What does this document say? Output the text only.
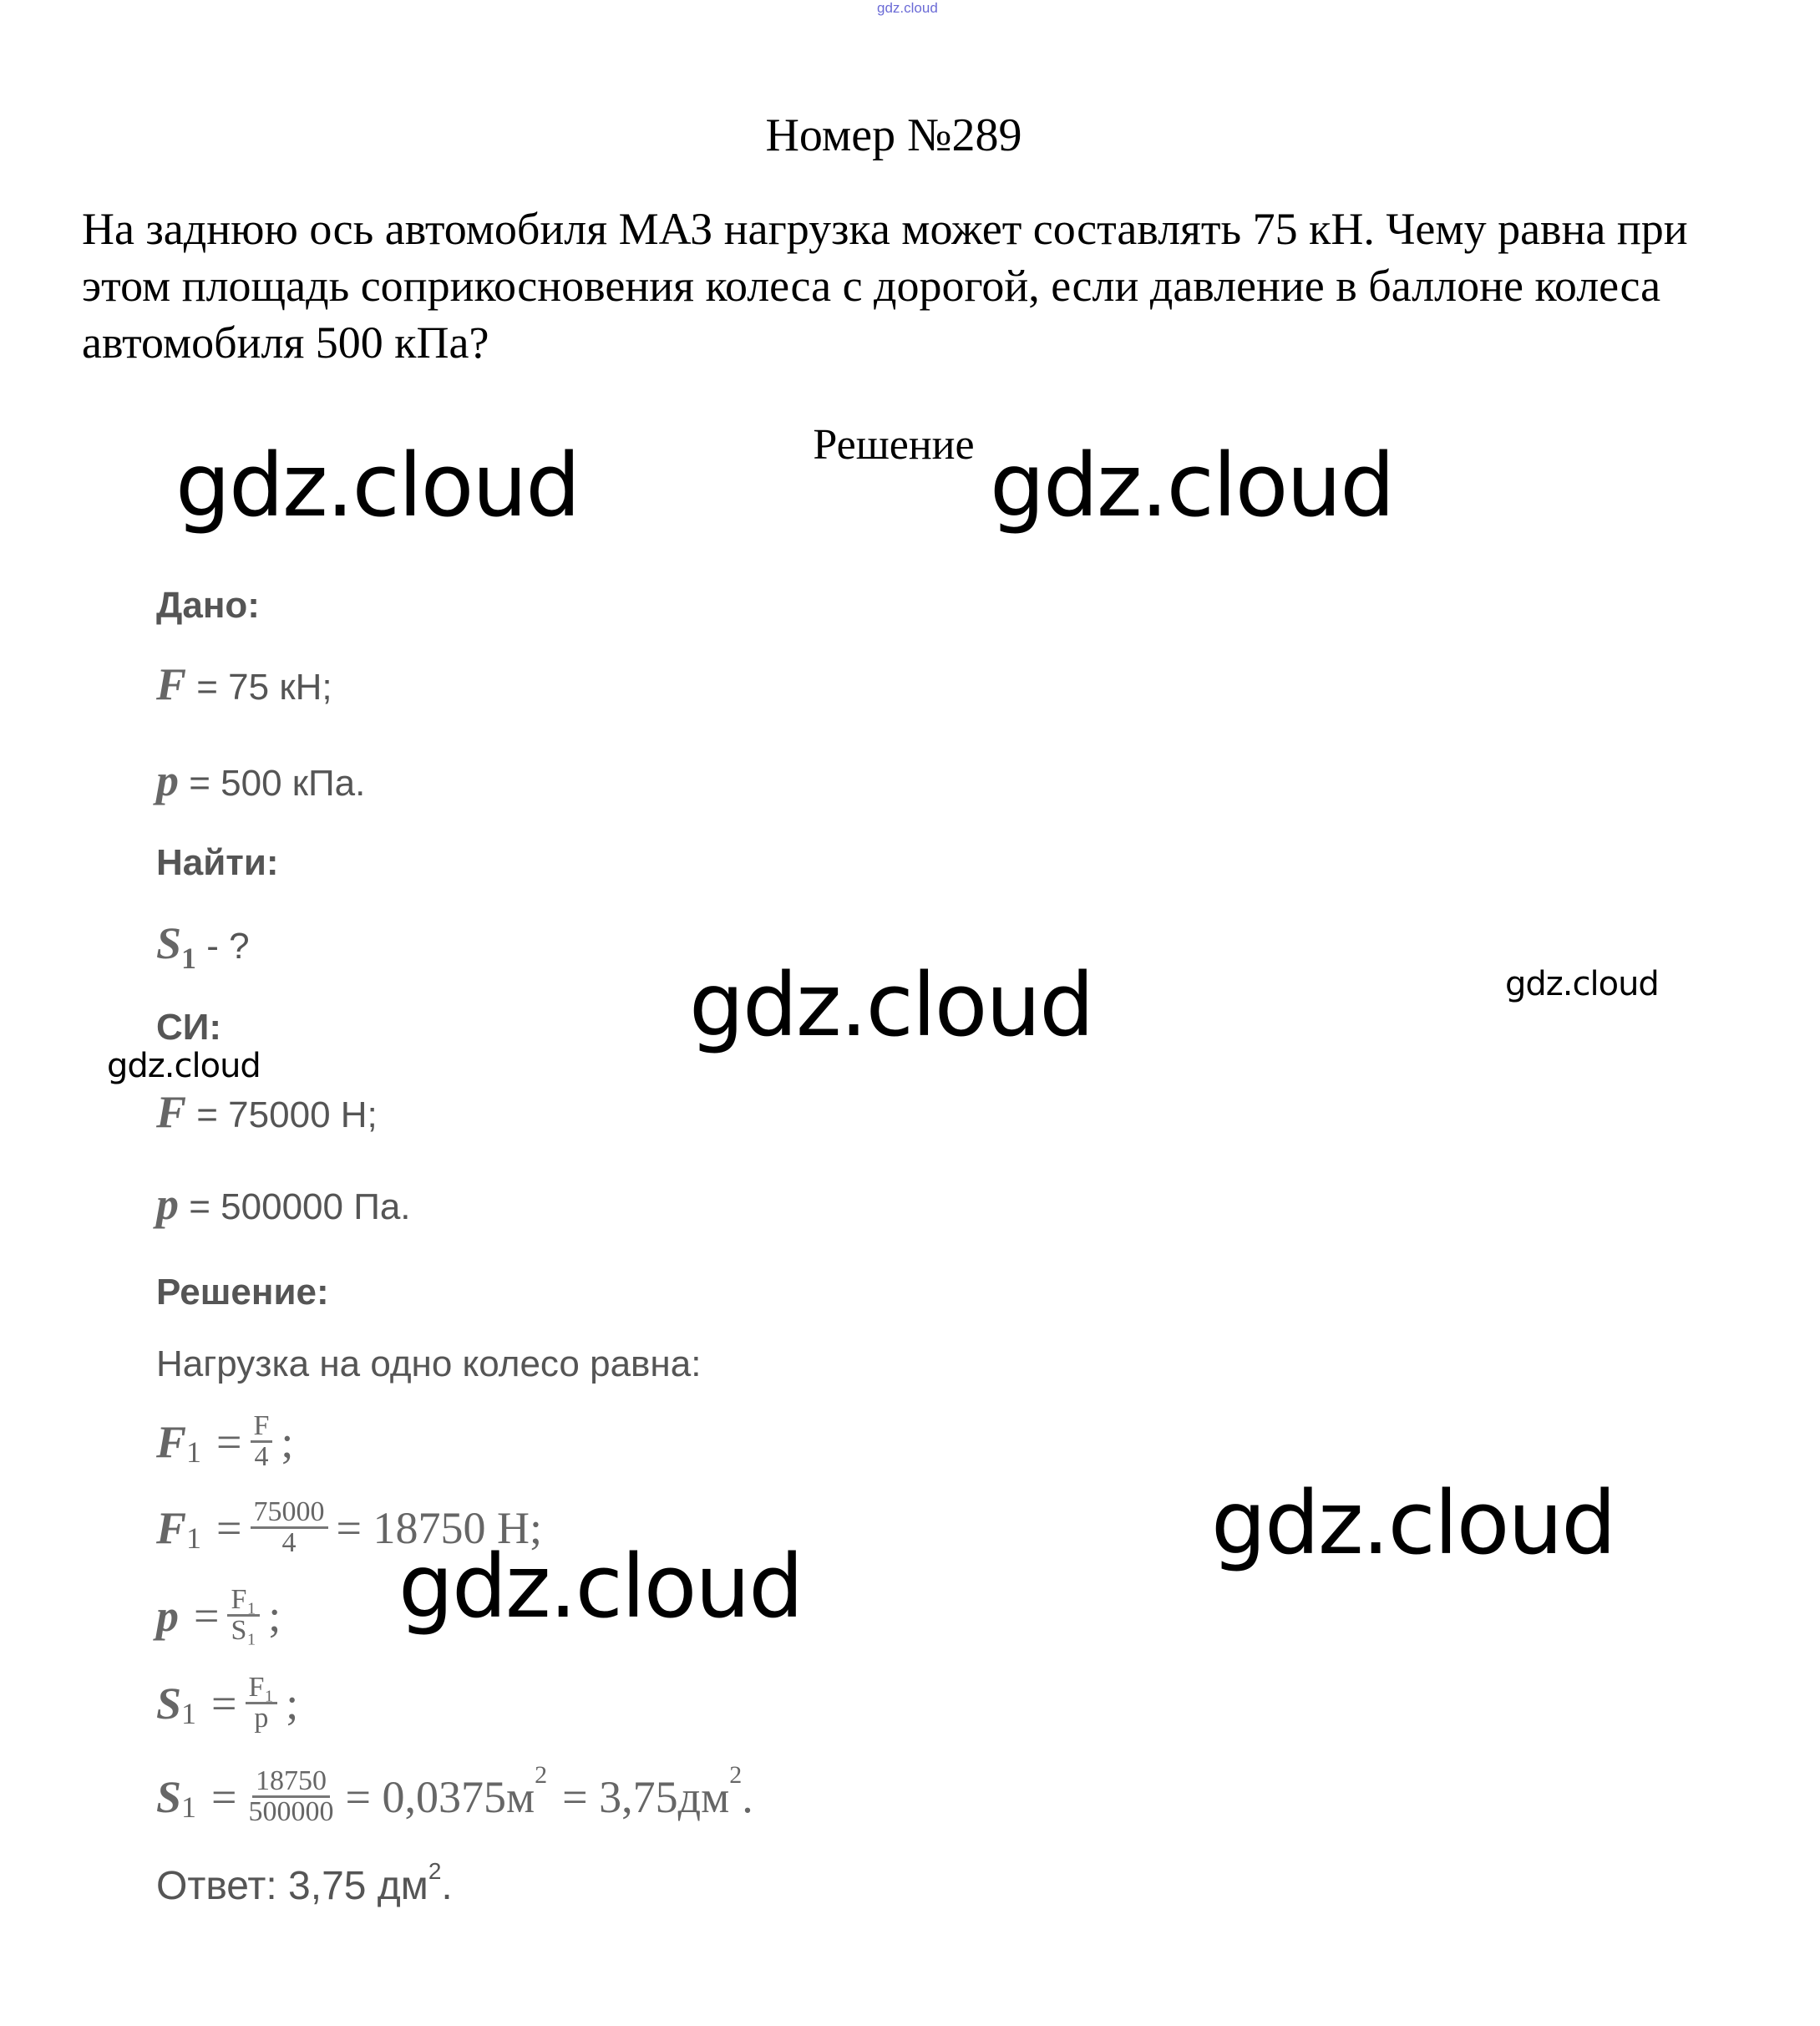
gdz.cloud
Номер №289
На заднюю ось автомобиля МАЗ нагрузка может составлять 75 кН. Чему равна при этом площадь соприкосновения колеса с дорогой, если давление в баллоне колеса автомобиля 500 кПа?
Решение
gdz.cloud	gdz.cloud
gdz.cloud	gdz.cloud
gdz.cloud
gdz.cloud
gdz.cloud
Дано:
F = 75 кН;
p = 500 кПа.
Найти:
$S_1$ - ?
СИ:
F = 75000 Н;
p = 500000 Па.
Решение:
Нагрузка на одно колесо равна:
F $1 = \frac{F}{4}$ ;
F $1 = \frac{75000}{4} = 18750$ Н;
$p = \frac{\text{F₁}}{\text{S₁}}$ ;
S $1 = \frac{\text{F₁}}{p}$ ;
S $1 = \frac{18750}{500000} = 0,0375м$ 2 = 3,75дм 2 .
Ответ: 3,75 $дм^2$.
